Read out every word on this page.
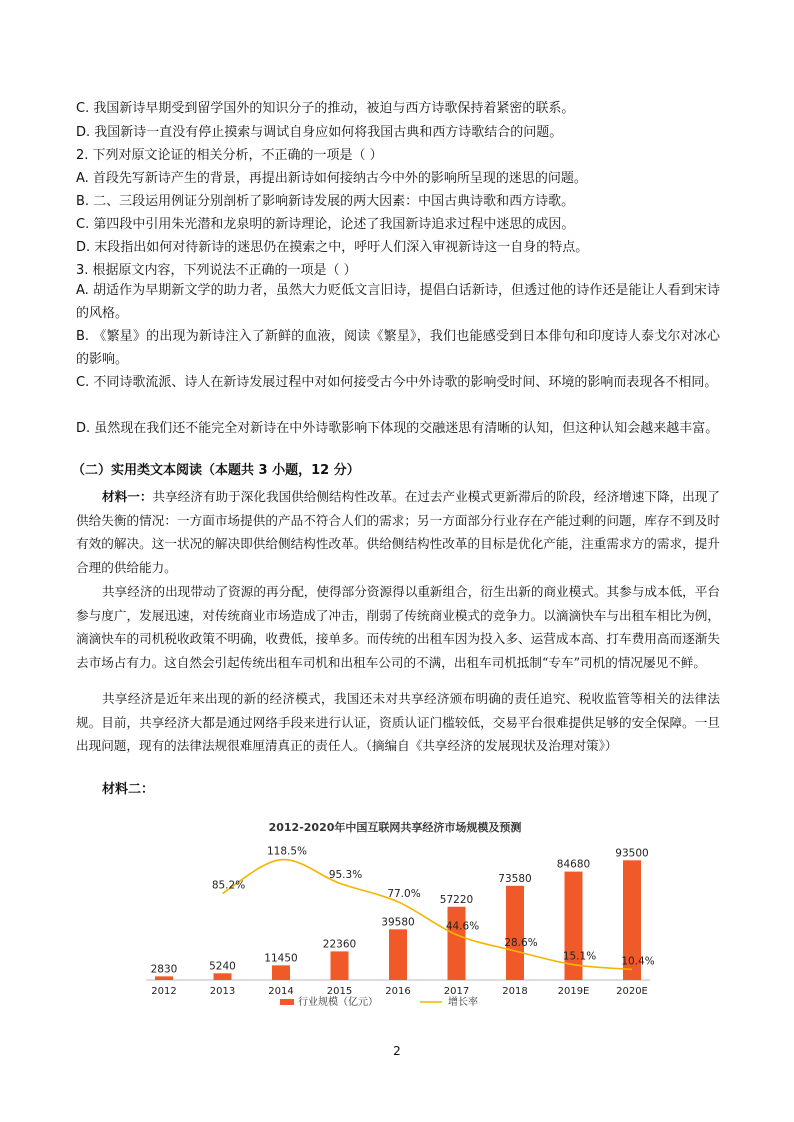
C. 我国新诗早期受到留学国外的知识分子的推动，被迫与西方诗歌保持着紧密的联系。
D. 我国新诗一直没有停止摸索与调试自身应如何将我国古典和西方诗歌结合的问题。
2. 下列对原文论证的相关分析，不正确的一项是（ ）
A. 首段先写新诗产生的背景，再提出新诗如何接纳古今中外的影响所呈现的迷思的问题。
B. 二、三段运用例证分别剖析了影响新诗发展的两大因素：中国古典诗歌和西方诗歌。
C. 第四段中引用朱光潜和龙泉明的新诗理论，论述了我国新诗追求过程中迷思的成因。
D. 末段指出如何对待新诗的迷思仍在摸索之中，呼吁人们深入审视新诗这一自身的特点。
3. 根据原文内容，下列说法不正确的一项是（ ）
A. 胡适作为早期新文学的助力者，虽然大力贬低文言旧诗，提倡白话新诗，但透过他的诗作还是能让人看到宋诗的风格。
B. 《繁星》的出现为新诗注入了新鲜的血液，阅读《繁星》，我们也能感受到日本俳句和印度诗人泰戈尔对冰心的影响。
C. 不同诗歌流派、诗人在新诗发展过程中对如何接受古今中外诗歌的影响受时间、环境的影响而表现各不相同。
D. 虽然现在我们还不能完全对新诗在中外诗歌影响下体现的交融迷思有清晰的认知，但这种认知会越来越丰富。
（二）实用类文本阅读（本题共 3 小题，12 分）
材料一：共享经济有助于深化我国供给侧结构性改革。在过去产业模式更新滞后的阶段，经济增速下降，出现了供给失衡的情况：一方面市场提供的产品不符合人们的需求；另一方面部分行业存在产能过剩的问题，库存不到及时有效的解决。这一状况的解决即供给侧结构性改革。供给侧结构性改革的目标是优化产能，注重需求方的需求，提升合理的供给能力。
共享经济的出现带动了资源的再分配，使得部分资源得以重新组合，衍生出新的商业模式。其参与成本低，平台参与度广，发展迅速，对传统商业市场造成了冲击，削弱了传统商业模式的竞争力。以滴滴快车与出租车相比为例，滴滴快车的司机税收政策不明确，收费低，接单多。而传统的出租车因为投入多、运营成本高、打车费用高而逐渐失去市场占有力。这自然会引起传统出租车司机和出租车公司的不满，出租车司机抵制“专车”司机的情况屡见不鲜。
共享经济是近年来出现的新的经济模式，我国还未对共享经济颁布明确的责任追究、税收监管等相关的法律法规。目前，共享经济大都是通过网络手段来进行认证，资质认证门槛较低，交易平台很难提供足够的安全保障。一旦出现问题，现有的法律法规很难厘清真正的责任人。（摘编自《共享经济的发展现状及治理对策》）
材料二：
2012-2020年中国互联网共享经济市场规模及预测
2830	5240
11450
22360
39580
57220
73580
84680
93500
85.2%
118.5%
95.3%
77.0%
44.6%
28.6%
15.1% 10.4%
2012	2013	2014	2015	2016	2017	2018	2019E	2020E
行业规模（亿元）	增长率
2
